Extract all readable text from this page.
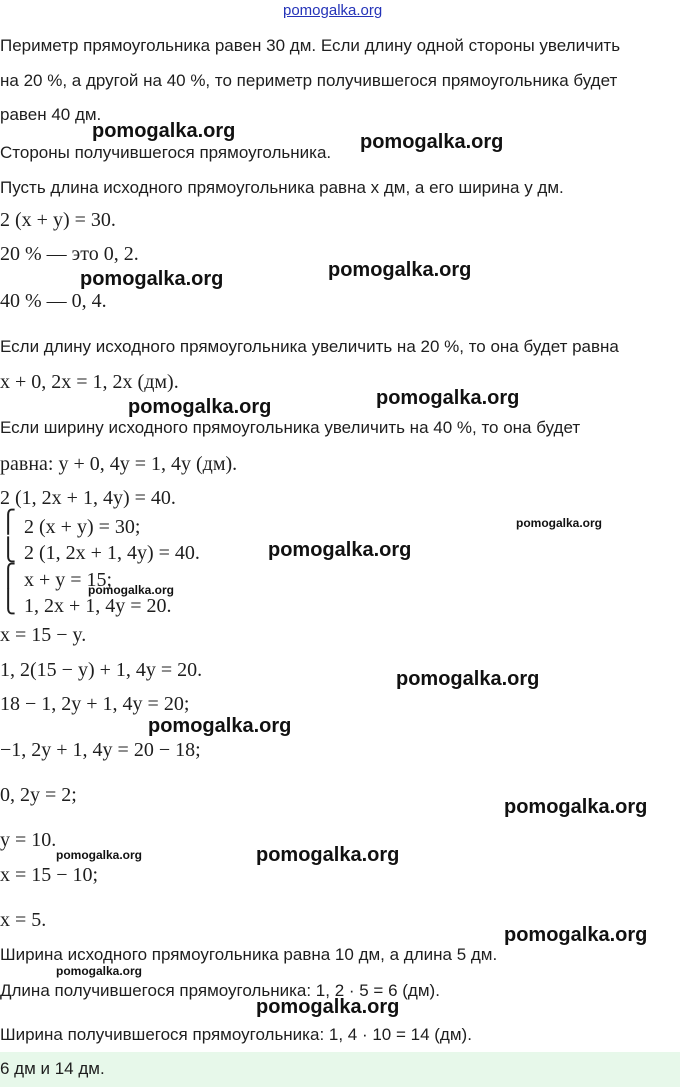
pomogalka.org
Периметр прямоугольника равен 30 дм. Если длину одной стороны увеличить
на 20 %, а другой на 40 %, то периметр получившегося прямоугольника будет
равен 40 дм.
Стороны получившегося прямоугольника.
Пусть длина исходного прямоугольника равна x дм, а его ширина y дм.
2 (x + y) = 30.
20 % — это 0, 2.
40 % — 0, 4.
Если длину исходного прямоугольника увеличить на 20 %, то она будет равна
x + 0, 2x = 1, 2x (дм).
Если ширину исходного прямоугольника увеличить на 40 %, то она будет
равна: y + 0, 4y = 1, 4y (дм).
2 (1, 2x + 1, 4y) = 40.
⎧
⎩
2 (x + y) = 30;
2 (1, 2x + 1, 4y) = 40.
⎧
⎩
x + y = 15;
1, 2x + 1, 4y = 20.
x = 15 − y.
1, 2(15 − y) + 1, 4y = 20.
18 − 1, 2y + 1, 4y = 20;
−1, 2y + 1, 4y = 20 − 18;
0, 2y = 2;
y = 10.
x = 15 − 10;
x = 5.
Ширина исходного прямоугольника равна 10 дм, а длина 5 дм.
Длина получившегося прямоугольника: 1, 2 · 5 = 6 (дм).
Ширина получившегося прямоугольника: 1, 4 · 10 = 14 (дм).
6 дм и 14 дм.
pomogalka.org	pomogalka.org
pomogalka.org
pomogalka.org
pomogalka.org
pomogalka.org
pomogalka.org
pomogalka.org
pomogalka.org
pomogalka.org
pomogalka.org
pomogalka.org
pomogalka.org	pomogalka.org
pomogalka.org
pomogalka.org
pomogalka.org
